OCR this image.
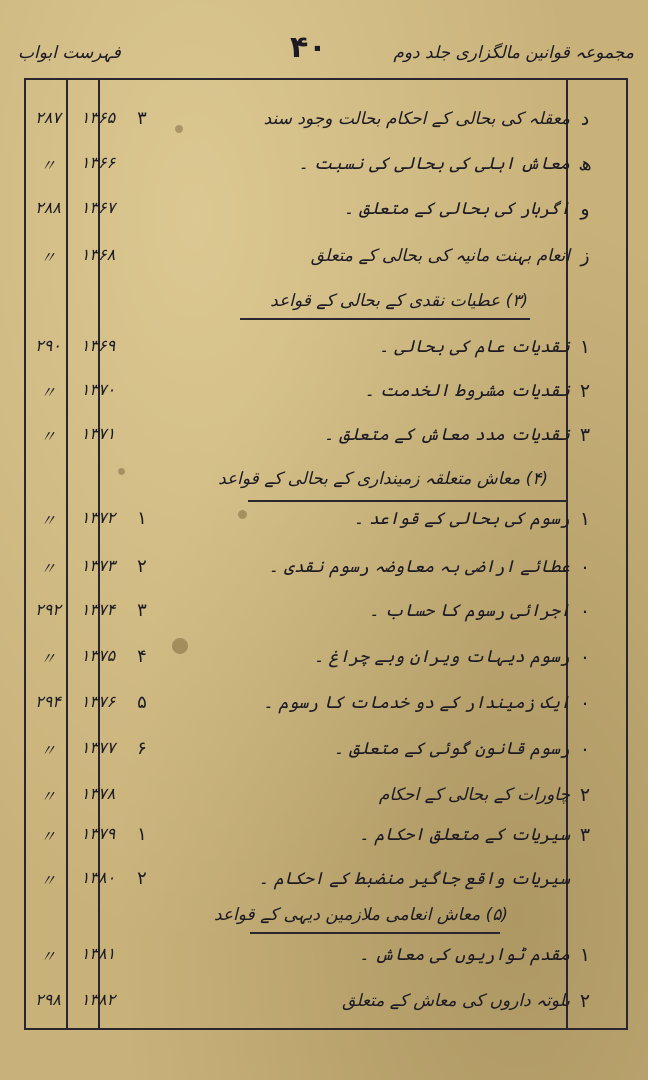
فہرست ابواب	۴۰	مجموعہ قوانین مالگزاری جلد دوم
د
معقلہ کی بحالی کے احکام بحالت وجود سند
۳
۱۳۶۵
۲۸۷
ھ
معاش اہلی کی بحالی کی نسبت ۔
۱۳۶۶
〃
و
اگرہار کی بحالی کے متعلق ۔
۱۳۶۷
۲۸۸
ز
انعام بہنت مانیہ کی بحالی کے متعلق
۱۳۶۸
〃
(۳) عطیات نقدی کے بحالی کے قواعد
۱
نقدیات عام کی بحالی ۔
۱۳۶۹
۲۹۰
۲
نقدیات مشروط الخدمت ۔
۱۳۷۰
〃
۳
نقدیات مدد معاش کے متعلق ۔
۱۳۷۱
〃
(۴) معاش متعلقہ زمینداری کے بحالی کے قواعد
۱
رسوم کی بحالی کے قواعد ۔
۱
۱۳۷۲
〃
۰
عطائے اراضی بہ معاوضہ رسوم نقدی ۔
۲
۱۳۷۳
〃
۰
اجرائی رسوم کا حساب ۔
۳
۱۳۷۴
۲۹۲
۰
رسوم دیہات ویران وبے چراغ ۔
۴
۱۳۷۵
〃
۰
ایک زمیندار کے دو خدمات کا رسوم ۔
۵
۱۳۷۶
۲۹۴
۰
رسوم قانون گوئی کے متعلق ۔
۶
۱۳۷۷
〃
۲
چاورات کے بحالی کے احکام
۱۳۷۸
〃
۳
سیریات کے متعلق احکام ۔
۱
۱۳۷۹
〃
سیریات واقع جاگیر منضبط کے احکام ۔
۲
۱۳۸۰
〃
(۵) معاش انعامی ملازمین دیہی کے قواعد
۱
مقدم ٹواریوں کی معاش ۔
۱۳۸۱
〃
۲
بلوتہ داروں کی معاش کے متعلق
۱۳۸۲
۲۹۸
